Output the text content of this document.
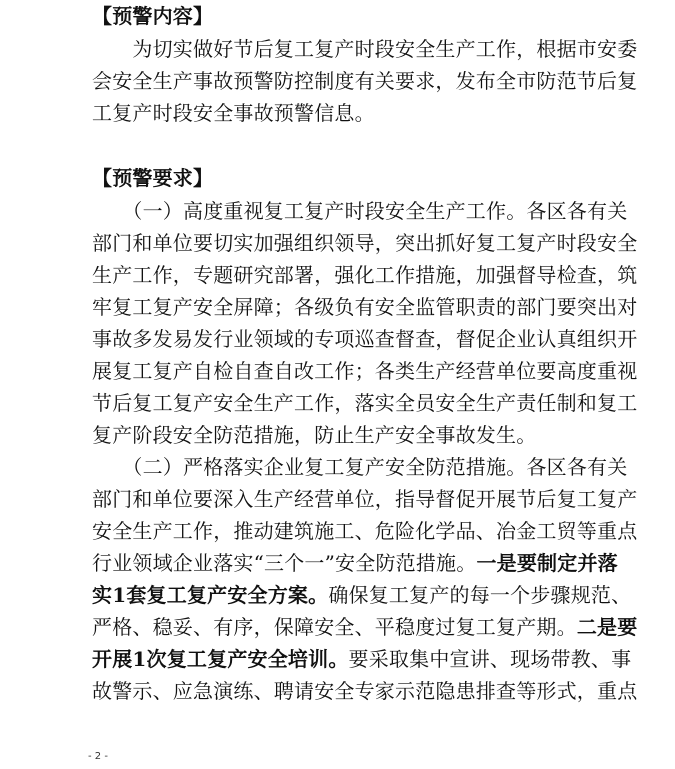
【预警内容】
　　为切实做好节后复工复产时段安全生产工作，根据市安委
会安全生产事故预警防控制度有关要求，发布全市防范节后复
工复产时段安全事故预警信息。
【预警要求】
　　（一）高度重视复工复产时段安全生产工作。各区各有关
部门和单位要切实加强组织领导，突出抓好复工复产时段安全
生产工作，专题研究部署，强化工作措施，加强督导检查，筑
牢复工复产安全屏障；各级负有安全监管职责的部门要突出对
事故多发易发行业领域的专项巡查督查，督促企业认真组织开
展复工复产自检自查自改工作；各类生产经营单位要高度重视
节后复工复产安全生产工作，落实全员安全生产责任制和复工
复产阶段安全防范措施，防止生产安全事故发生。
　　（二）严格落实企业复工复产安全防范措施。各区各有关
部门和单位要深入生产经营单位，指导督促开展节后复工复产
安全生产工作，推动建筑施工、危险化学品、冶金工贸等重点
行业领域企业落实“三个一”安全防范措施。一是要制定并落
实1套复工复产安全方案。确保复工复产的每一个步骤规范、
严格、稳妥、有序，保障安全、平稳度过复工复产期。二是要
开展1次复工复产安全培训。要采取集中宣讲、现场带教、事
故警示、应急演练、聘请安全专家示范隐患排查等形式，重点
- 2 -
